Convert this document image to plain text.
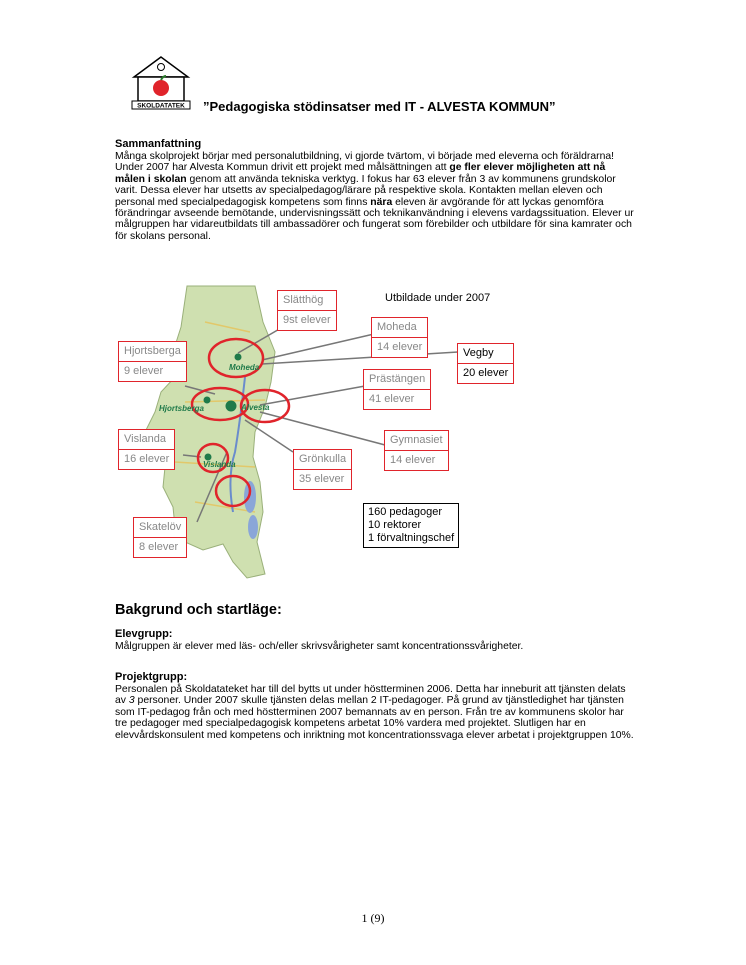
SKOLDATATEK ”Pedagogiska stödinsatser med IT - ALVESTA KOMMUN”
Sammanfattning
Många skolprojekt börjar med personalutbildning, vi gjorde tvärtom, vi började med eleverna och föräldrarna! Under 2007 har Alvesta Kommun drivit ett projekt med målsättningen att ge fler elever möjligheten att nå målen i skolan genom att använda tekniska verktyg. I fokus har 63 elever från 3 av kommunens grundskolor varit. Dessa elever har utsetts av specialpedagog/lärare på respektive skola. Kontakten mellan eleven och personal med specialpedagogisk kompetens som finns nära eleven är avgörande för att lyckas genomföra förändringar avseende bemötande, undervisningssätt och teknikanvändning i elevens vardagssituation. Elever ur målgruppen har vidareutbildats till ambassadörer och fungerat som förebilder och utbildare för sina kamrater och för skolans personal.
Moheda
Hjortsberga	Alvesta
Vislanda
Utbildade under 2007
Slätthög
9st elever
Moheda
14 elever	Vegby
20 elever
Hjortsberga
9 elever
Prästängen
41 elever
Vislanda
16 elever
Gymnasiet
14 elever
Grönkulla
35 elever
Skatelöv
8 elever
160 pedagoger
10 rektorer
1 förvaltningschef
Bakgrund och startläge:
Elevgrupp:
Målgruppen är elever med läs- och/eller skrivsvårigheter samt koncentrationssvårigheter.
Projektgrupp:
Personalen på Skoldatateket har till del bytts ut under höstterminen 2006. Detta har inneburit att tjänsten delats av 3 personer. Under 2007 skulle tjänsten delas mellan 2 IT-pedagoger. På grund av tjänstledighet har tjänsten som IT-pedagog från och med höstterminen 2007 bemannats av en person. Från tre av kommunens skolor har tre pedagoger med specialpedagogisk kompetens arbetat 10% vardera med projektet. Slutligen har en elevvårdskonsulent med kompetens och inriktning mot koncentrationssvaga elever arbetat i projektgruppen 10%.
1 (9)
